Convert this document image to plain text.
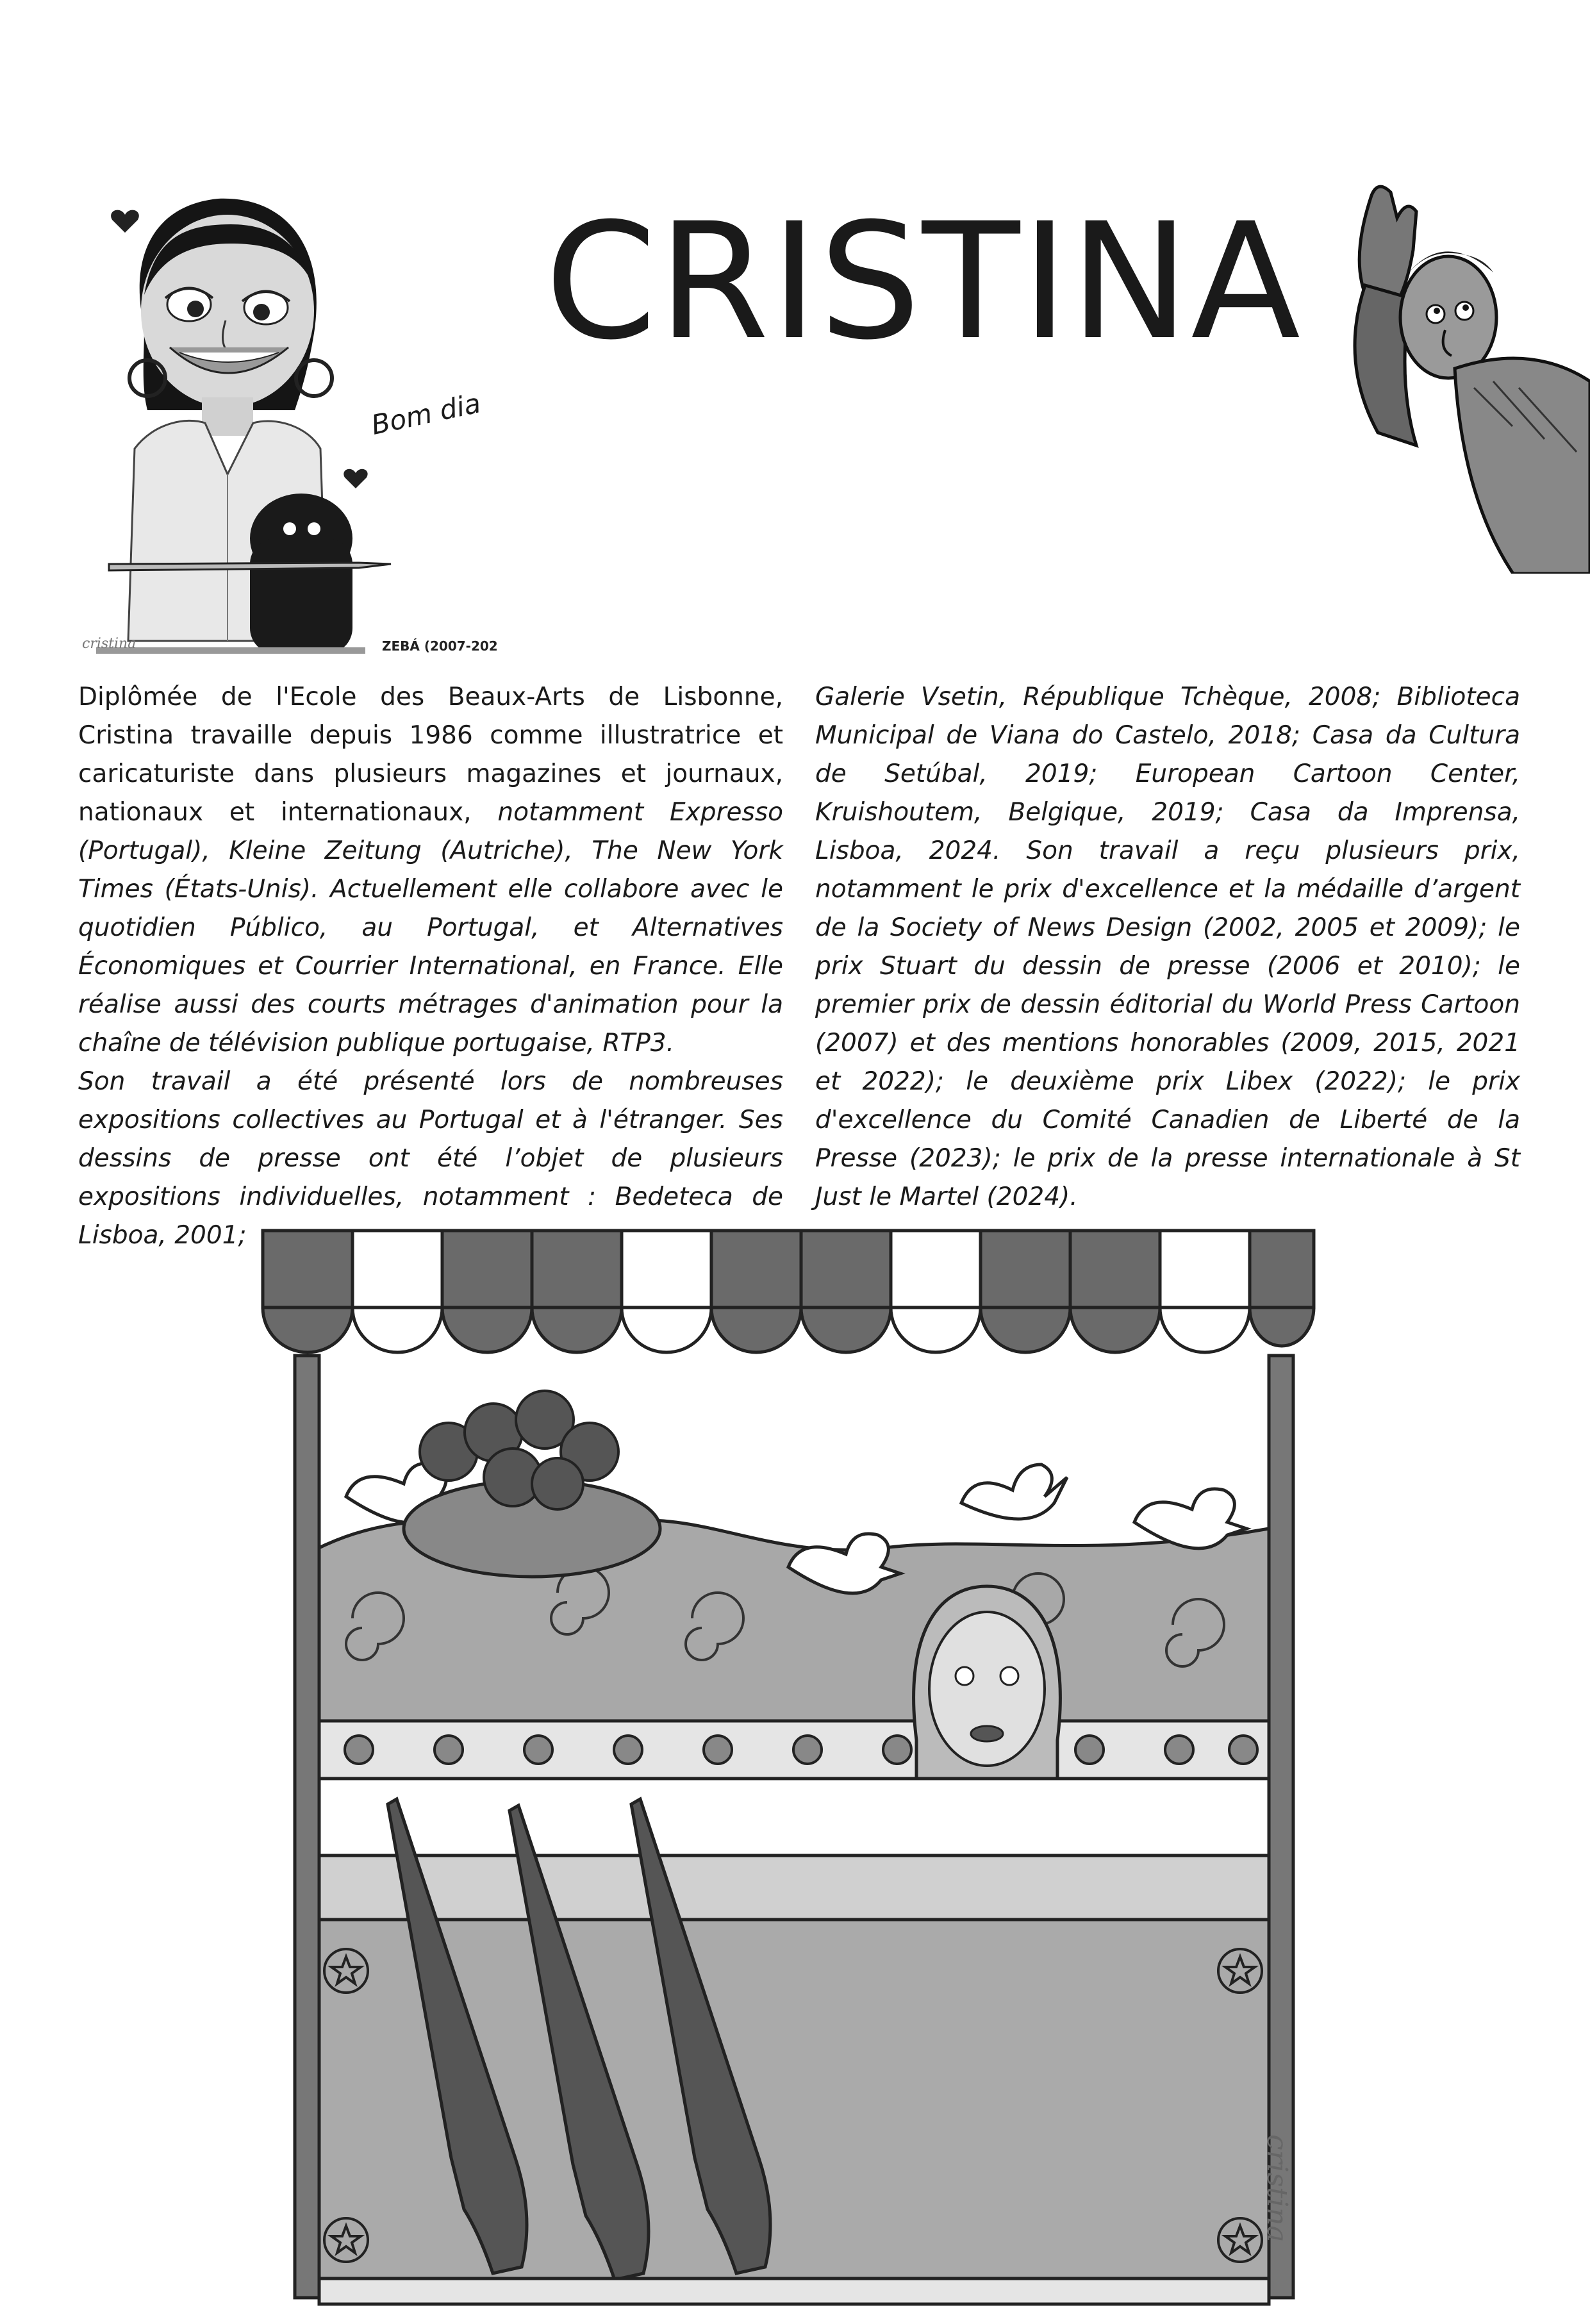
Bom dia
cristina	ZEBÁ (2007-202
CRISTINA
Diplômée de l'Ecole des Beaux-Arts de Lisbonne, Cristina travaille depuis 1986 comme illustratrice et caricaturiste dans plusieurs magazines et journaux, nationaux et internationaux, notamment Expresso (Portugal), Kleine Zeitung (Autriche), The New York Times (États-Unis). Actuellement elle collabore avec le quotidien Público, au Portugal, et Alternatives Économiques et Courrier International, en France. Elle réalise aussi des courts métrages d'animation pour la chaîne de télévision publique portugaise, RTP3.
Son travail a été présenté lors de nombreuses expositions collectives au Portugal et à l'étranger. Ses dessins de presse ont été l’objet de plusieurs expositions individuelles, notamment : Bedeteca de Lisboa, 2001;
Galerie Vsetin, République Tchèque, 2008; Biblioteca Municipal de Viana do Castelo, 2018; Casa da Cultura de Setúbal, 2019; European Cartoon Center, Kruishoutem, Belgique, 2019; Casa da Imprensa, Lisboa, 2024. Son travail a reçu plusieurs prix, notamment le prix d'excellence et la médaille d’argent de la Society of News Design (2002, 2005 et 2009); le prix Stuart du dessin de presse (2006 et 2010); le premier prix de dessin éditorial du World Press Cartoon (2007) et des mentions honorables (2009, 2015, 2021 et 2022); le deuxième prix Libex (2022); le prix d'excellence du Comité Canadien de Liberté de la Presse (2023); le prix de la presse internationale à St Just le Martel (2024).
cristina
